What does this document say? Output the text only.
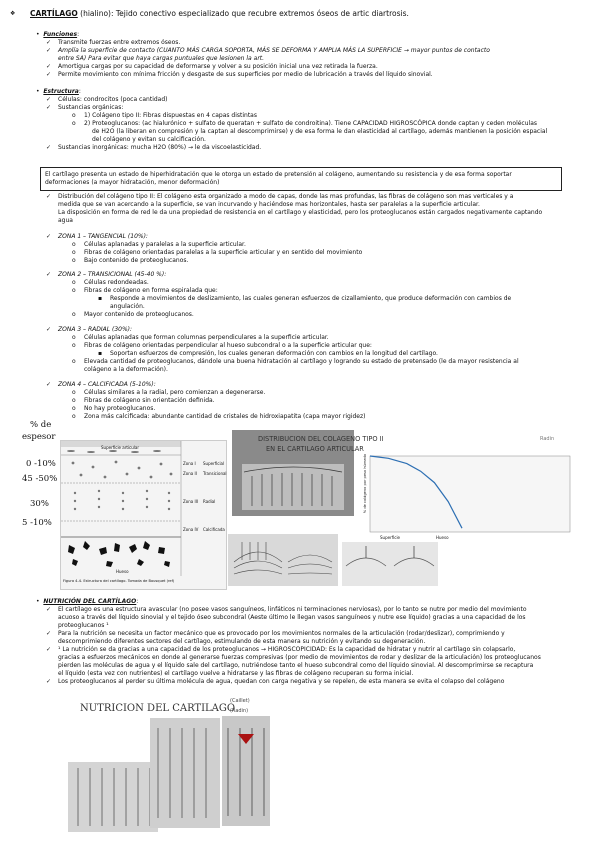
❖ CARTÍLAGO (hialino): Tejido conectivo especializado que recubre extremos óseos de artic diartrosis.
•  Funciones:
✓ Transmite fuerzas entre extremos óseos.
✓ Amplía la superficie de contacto (CUANTO MÁS CARGA SOPORTA, MÁS SE DEFORMA Y AMPLIA MÁS LA SUPERFICIE → mayor puntos de contacto
entre SA) Para evitar que haya cargas puntuales que lesionen la art.
✓ Amortigua cargas por su capacidad de deformarse y volver a su posición inicial una vez retirada la fuerza.
✓ Permite movimiento con mínima fricción y desgaste de sus superficies por medio de lubricación a través del líquido sinovial.
•  Estructura:
✓ Células: condrocitos (poca cantidad)
✓ Sustancias orgánicas:
o 1) Colágeno tipo II: Fibras dispuestas en 4 capas distintas
o 2) Proteoglucanos: (ac hialurónico + sulfato de queratan + sulfato de condroitina). Tiene CAPACIDAD HIGROSCÓPICA donde captan y ceden moléculas
de H2O (la liberan en compresión y la captan al descomprimirse) y de esa forma le dan elasticidad al cartílago, además mantienen la posición espacial
del colágeno y evitan su calcificación.
✓ Sustancias inorgánicas: mucha H2O (80%) → le da viscoelasticidad.
El cartílago presenta un estado de hiperhidratación que le otorga un estado de pretensión al colágeno, aumentando su resistencia y de esa forma soportar deformaciones (a mayor hidratación, menor deformación)
✓ Distribución del colágeno tipo II: El colágeno esta organizado a modo de capas, donde las mas profundas, las fibras de colágeno son mas verticales y a
medida que se van acercando a la superficie, se van incurvando y haciéndose mas horizontales, hasta ser paralelas a la superficie articular.
La disposición en forma de red le da una propiedad de resistencia en el cartílago y elasticidad, pero los proteoglucanos están cargados negativamente captando
agua
✓ ZONA 1 – TANGENCIAL (10%):
o Células aplanadas y paralelas a la superficie articular.
o Fibras de colágeno orientadas paralelas a la superficie articular y en sentido del movimiento
o Bajo contenido de proteoglucanos.
✓ ZONA 2 – TRANSICIONAL (45-40 %):
o Células redondeadas.
o Fibras de colágeno en forma espiralada que:
▪ Responde a movimientos de deslizamiento, las cuales generan esfuerzos de cizallamiento, que produce deformación con cambios de
angulación.
o Mayor contenido de proteoglucanos.
✓ ZONA 3 – RADIAL (30%):
o Células aplanadas que forman columnas perpendiculares a la superficie articular.
o Fibras de colágeno orientadas perpendicular al hueso subcondral o a la superficie articular que:
▪ Soportan esfuerzos de compresión, los cuales generan deformación con cambios en la longitud del cartílago.
o Elevada cantidad de proteoglucanos, dándole una buena hidratación al cartílago y logrando su estado de pretensado (le da mayor resistencia al
colágeno a la deformación).
✓ ZONA 4 – CALCIFICADA (5-10%):
o Células similares a la radial, pero comienzan a degenerarse.
o Fibras de colágeno sin orientación definida.
o No hay proteoglucanos.
o Zona más calcificada: abundante cantidad de cristales de hidroxiapatita (capa mayor rigidez)
% de
espesor
0 -10%
45 -50%
30%
5 -10%
Superficie articular
Zona I Superficial
Zona II Transicional
Zona III Radial
Zona IV Calcificada
Hueso
Figura 4-4. Estructura del cartílago. Tomada de Bousquet (ref)
DISTRIBUCION DEL COLAGENO TIPO II
EN EL CARTILAGO ARTICULAR
Radin
% de colágeno por peso húmedo
Superficie	Hueso
•  NUTRICIÓN DEL CARTÍLAGO:
✓ El cartílago es una estructura avascular (no posee vasos sanguíneos, linfáticos ni terminaciones nerviosas), por lo tanto se nutre por medio del movimiento
acuoso a través del líquido sinovial y el tejido óseo subcondral (Aeste último le llegan vasos sanguíneos y nutre ese líquido) gracias a una capacidad de los
proteoglucanos ¹
✓ Para la nutrición se necesita un factor mecánico que es provocado por los movimientos normales de la articulación (rodar/deslizar), comprimiendo y
descomprimiendo diferentes sectores del cartílago, estimulando de esta manera su nutrición y evitando su degeneración.
✓ ¹ La nutrición se da gracias a una capacidad de los proteoglucanos → HIGROSCOPICIDAD: Es la capacidad de hidratar y nutrir al cartílago sin colapsarlo,
gracias a esfuerzos mecánicos en donde al generarse fuerzas compresivas (por medio de movimientos de rodar y deslizar de la articulación) los proteoglucanos
pierden las moléculas de agua y el líquido sale del cartílago, nutriéndose tanto el hueso subcondral como del líquido sinovial. Al descomprimirse se recaptura
el líquido (esta vez con nutrientes) el cartílago vuelve a hidratarse y las fibras de colágeno recuperan su forma inicial.
✓ Los proteoglucanos al perder su última molécula de agua, quedan con carga negativa y se repelen, de esta manera se evita el colapso del colágeno
NUTRICION DEL CARTILAGO
(Caillet)
(Radin)
